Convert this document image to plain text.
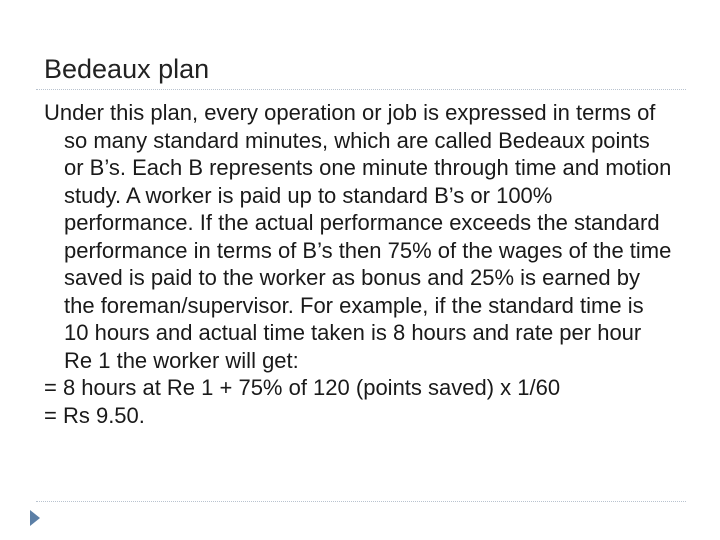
Bedeaux plan

Under this plan, every operation or job is expressed in terms of so many standard minutes, which are called Bedeaux points or B’s. Each B represents one minute through time and motion study. A worker is paid up to standard B’s or 100% performance. If the actual performance exceeds the standard performance in terms of B’s then 75% of the wages of the time saved is paid to the worker as bonus and 25% is earned by the foreman/supervisor. For example, if the standard time is 10 hours and actual time taken is 8 hours and rate per hour Re 1 the worker will get:

= 8 hours at Re 1 + 75% of 120 (points saved) x 1/60

= Rs 9.50.
